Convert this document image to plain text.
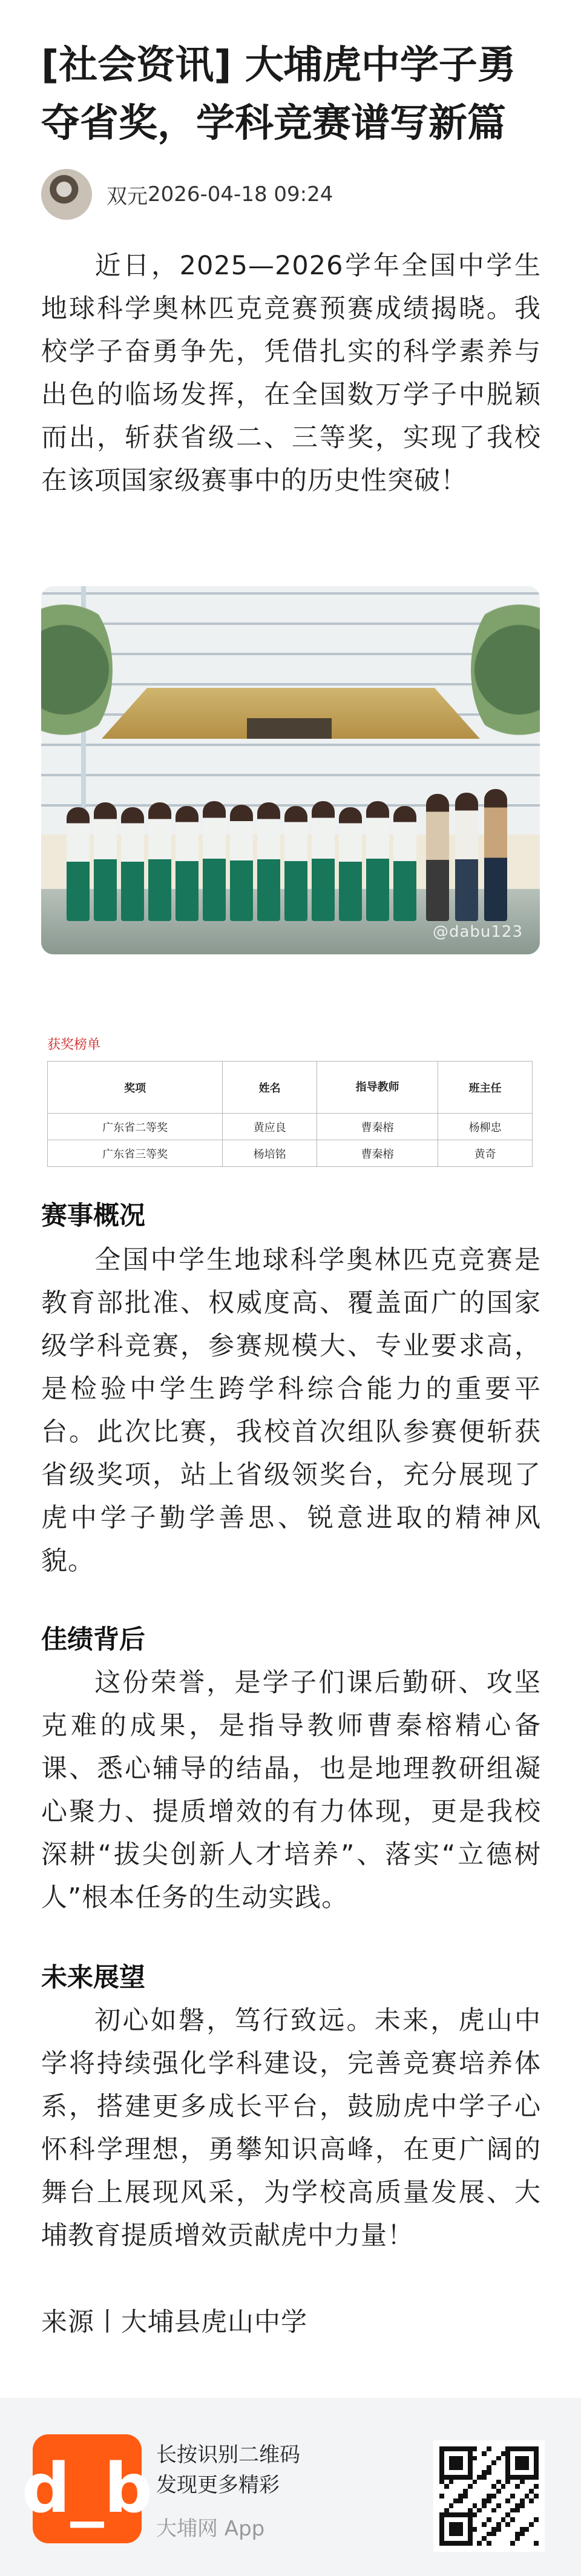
[社会资讯] 大埔虎中学子勇夺省奖，学科竞赛谱写新篇
双元 2026-04-18 09:24

近日，2025—2026学年全国中学生地球科学奥林匹克竞赛预赛成绩揭晓。我校学子奋勇争先，凭借扎实的科学素养与出色的临场发挥，在全国数万学子中脱颖而出，斩获省级二、三等奖，实现了我校在该项国家级赛事中的历史性突破！

@dabu123
获奖榜单
奖项	姓名	指导教师	班主任
广东省二等奖	黄应良	曹秦榕	杨柳忠
广东省三等奖	杨培铭	曹秦榕	黄奇
赛事概况

全国中学生地球科学奥林匹克竞赛是教育部批准、权威度高、覆盖面广的国家级学科竞赛，参赛规模大、专业要求高，是检验中学生跨学科综合能力的重要平台。此次比赛，我校首次组队参赛便斩获省级奖项，站上省级领奖台，充分展现了虎中学子勤学善思、锐意进取的精神风貌。

佳绩背后

这份荣誉，是学子们课后勤研、攻坚克难的成果，是指导教师曹秦榕精心备课、悉心辅导的结晶，也是地理教研组凝心聚力、提质增效的有力体现，更是我校深耕“拔尖创新人才培养”、落实“立德树人”根本任务的生动实践。

未来展望

初心如磐，笃行致远。未来，虎山中学将持续强化学科建设，完善竞赛培养体系，搭建更多成长平台，鼓励虎中学子心怀科学理想，勇攀知识高峰，在更广阔的舞台上展现风采，为学校高质量发展、大埔教育提质增效贡献虎中力量！

来源丨大埔县虎山中学
d_b 长按识别二维码
发现更多精彩
大埔网 App
